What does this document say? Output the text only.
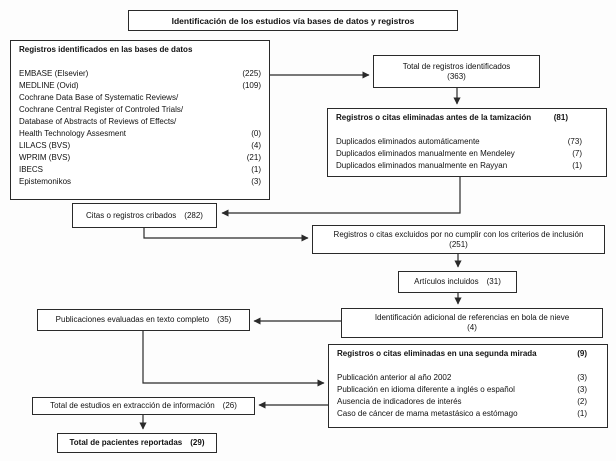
Identificación de los estudios vía bases de datos y registros
Registros identificados en las bases de datos
EMBASE (Elsevier)	(225)
MEDLINE (Ovid)	(109)
Cochrane Data Base of Systematic Reviews/
Cochrane Central Register of Controled Trials/
Database of Abstracts of Reviews of Effects/
Health Technology Assesment	(0)
LILACS (BVS)	(4)
WPRIM (BVS)	(21)
IBECS	(1)
Epistemonikos	(3)
Total de registros identificados
(363)
Registros o citas eliminadas antes de la tamización	(81)
Duplicados eliminados automáticamente	(73)
Duplicados eliminados manualmente en Mendeley	(7)
Duplicados eliminados manualmente en Rayyan	(1)
Citas o registros cribados (282)
Registros o citas excluidos por no cumplir con los criterios de inclusión
(251)
Artículos incluidos (31)
Identificación adicional de referencias en bola de nieve
(4)
Publicaciones evaluadas en texto completo (35)
Registros o citas eliminadas en una segunda mirada	(9)
Publicación anterior al año 2002	(3)
Publicación en idioma diferente a inglés o español	(3)
Ausencia de indicadores de interés	(2)
Caso de cáncer de mama metastásico a estómago	(1)
Total de estudios en extracción de información (26)
Total de pacientes reportadas (29)
